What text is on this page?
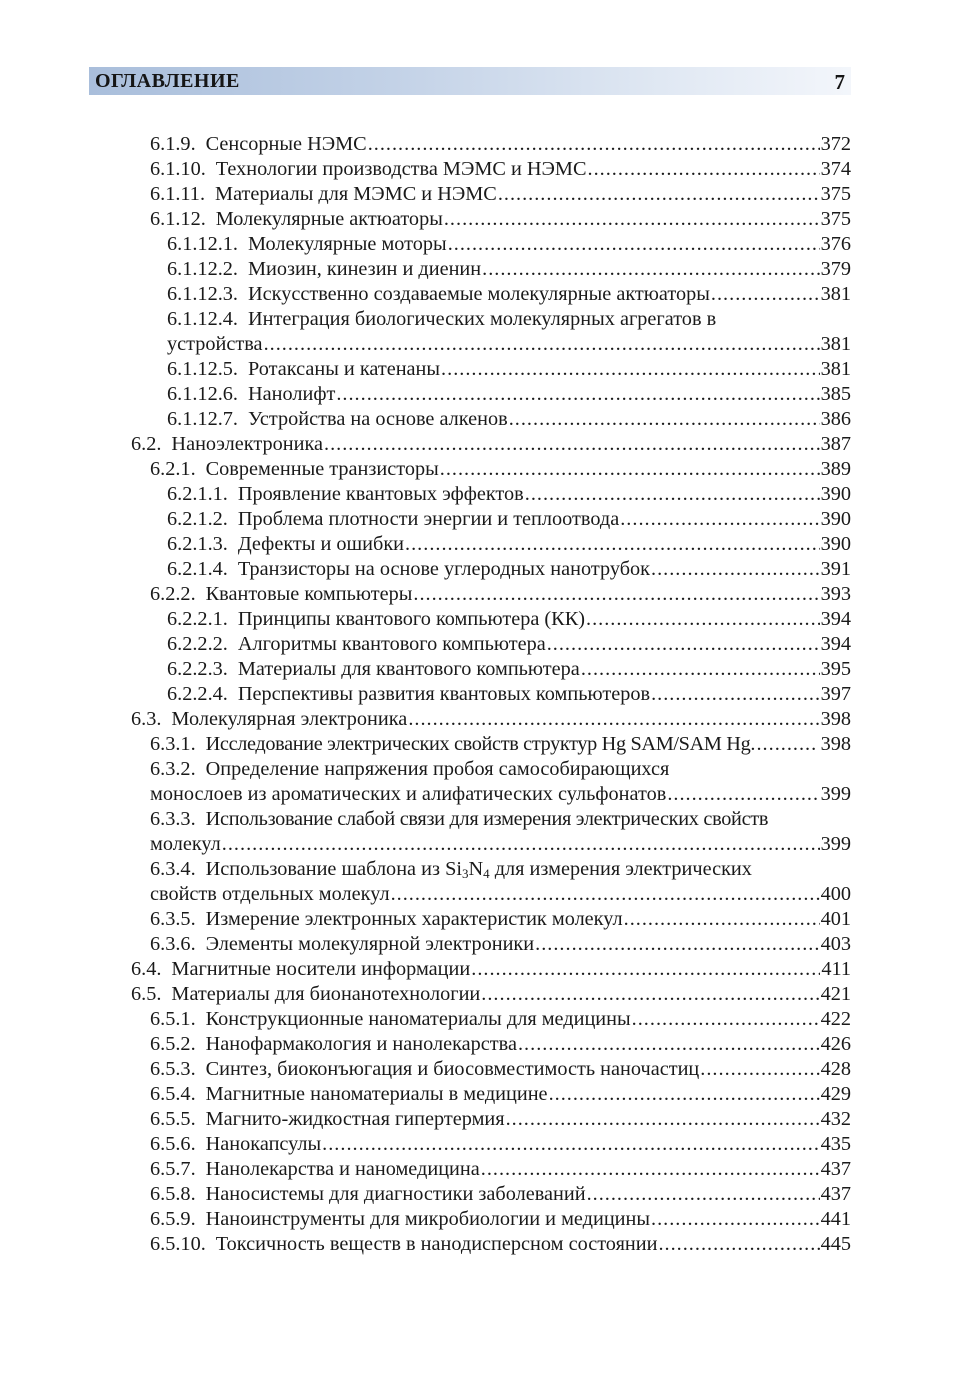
ОГЛАВЛЕНИЕ	7
6.1.9. Сенсорные НЭМС .....	372
6.1.10. Технологии производства МЭМС и НЭМС .....	374
6.1.11. Материалы для МЭМС и НЭМС .....	375
6.1.12. Молекулярные актюаторы .....	375
6.1.12.1. Молекулярные моторы .....	376
6.1.12.2. Миозин, кинезин и диенин .....	379
6.1.12.3. Искусственно создаваемые молекулярные актюаторы .....	381
6.1.12.4. Интеграция биологических молекулярных агрегатов в
устройства .....	381
6.1.12.5. Ротаксаны и катенаны .....	381
6.1.12.6. Нанолифт .....	385
6.1.12.7. Устройства на основе алкенов .....	386
6.2. Наноэлектроника .....	387
6.2.1. Современные транзисторы .....	389
6.2.1.1. Проявление квантовых эффектов .....	390
6.2.1.2. Проблема плотности энергии и теплоотвода .....	390
6.2.1.3. Дефекты и ошибки .....	390
6.2.1.4. Транзисторы на основе углеродных нанотрубок .....	391
6.2.2. Квантовые компьютеры .....	393
6.2.2.1. Принципы квантового компьютера (КК) .....	394
6.2.2.2. Алгоритмы квантового компьютера .....	394
6.2.2.3. Материалы для квантового компьютера .....	395
6.2.2.4. Перспективы развития квантовых компьютеров .....	397
6.3. Молекулярная электроника .....	398
6.3.1. Исследование электрических свойств структур Hg SAM/SAM Hg .....	398
6.3.2. Определение напряжения пробоя самособирающихся
монослоев из ароматических и алифатических сульфонатов .....	399
6.3.3. Использование слабой связи для измерения электрических свойств
молекул .....	399
6.3.4. Использование шаблона из $Si_3N_4$ для измерения электрических
свойств отдельных молекул .....	400
6.3.5. Измерение электронных характеристик молекул .....	401
6.3.6. Элементы молекулярной электроники .....	403
6.4. Магнитные носители информации .....	411
6.5. Материалы для бионанотехнологии .....	421
6.5.1. Конструкционные наноматериалы для медицины .....	422
6.5.2. Нанофармакология и нанолекарства .....	426
6.5.3. Синтез, биоконъюгация и биосовместимость наночастиц .....	428
6.5.4. Магнитные наноматериалы в медицине .....	429
6.5.5. Магнито-жидкостная гипертермия .....	432
6.5.6. Нанокапсулы .....	435
6.5.7. Нанолекарства и наномедицина .....	437
6.5.8. Наносистемы для диагностики заболеваний .....	437
6.5.9. Наноинструменты для микробиологии и медицины .....	441
6.5.10. Токсичность веществ в нанодисперсном состоянии .....	445
